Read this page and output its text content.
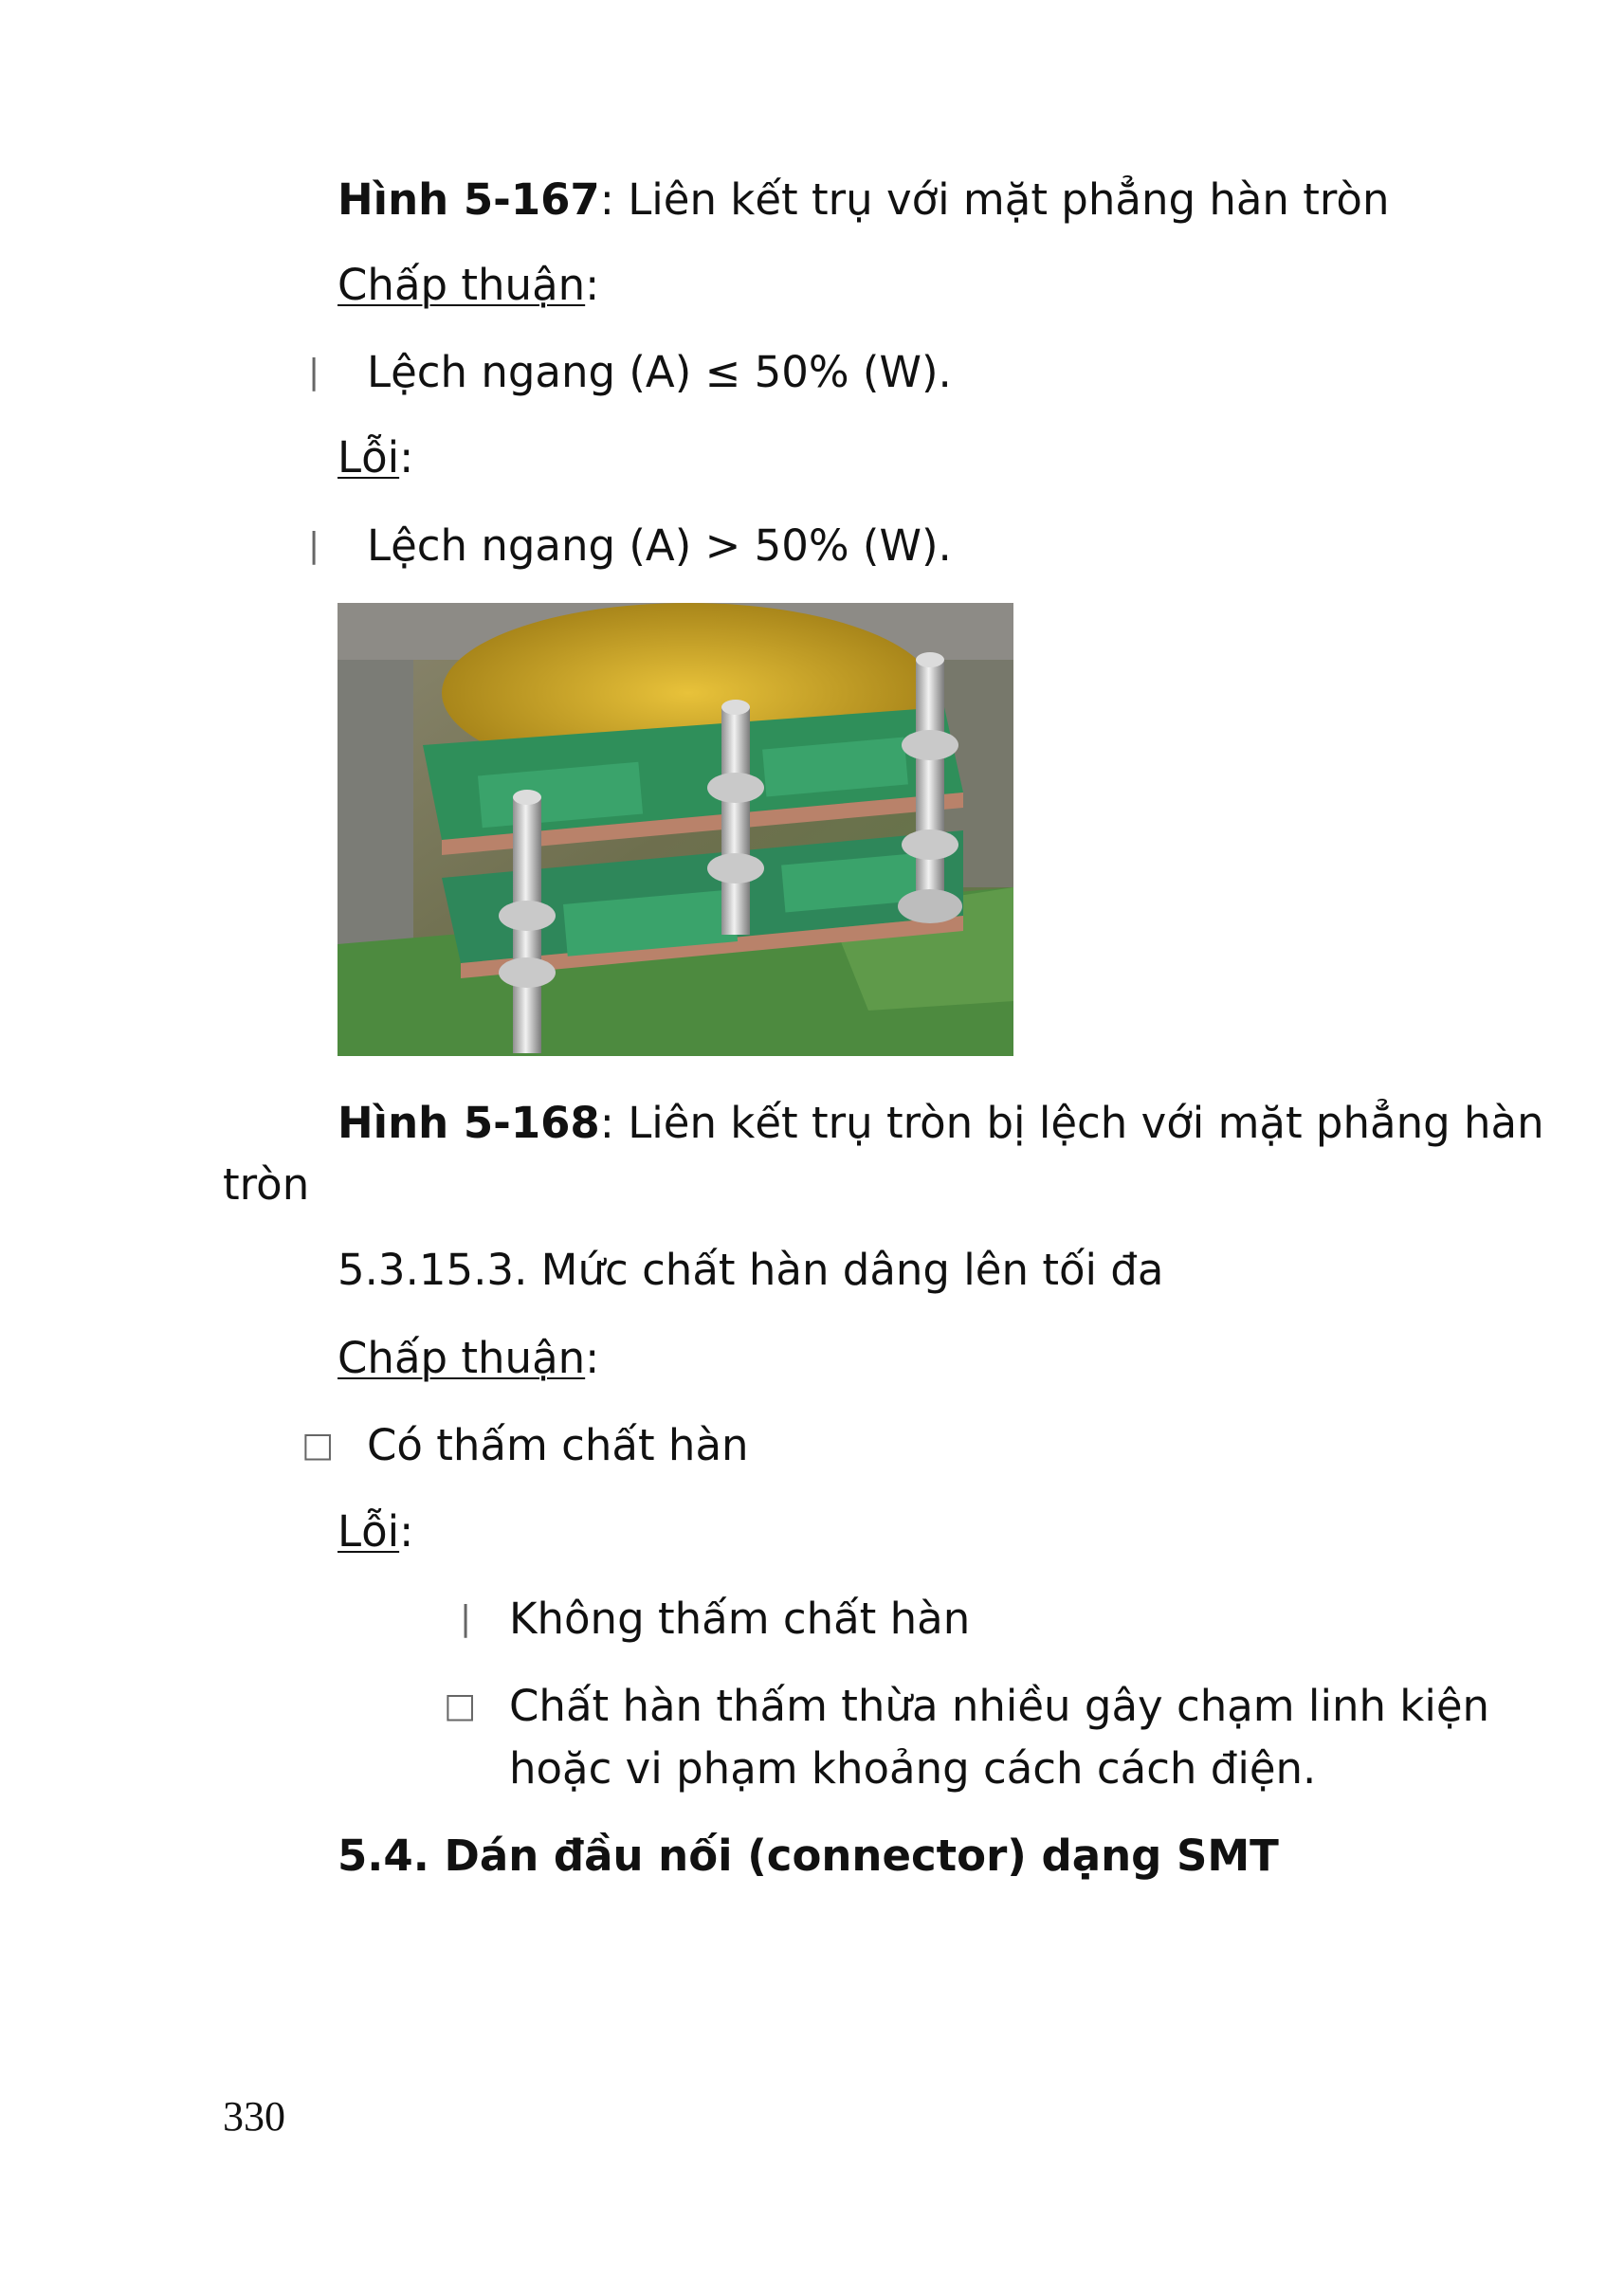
Hình 5-167: Liên kết trụ với mặt phẳng hàn tròn
Chấp thuận:
| Lệch ngang (A) ≤ 50% (W).
Lỗi:
| Lệch ngang (A) > 50% (W).
Hình 5-168: Liên kết trụ tròn bị lệch với mặt phẳng hàn
tròn
5.3.15.3. Mức chất hàn dâng lên tối đa
Chấp thuận:
□ Có thấm chất hàn
Lỗi:
| Không thấm chất hàn
□ Chất hàn thấm thừa nhiều gây chạm linh kiện
hoặc vi phạm khoảng cách cách điện.
5.4. Dán đầu nối (connector) dạng SMT
330
